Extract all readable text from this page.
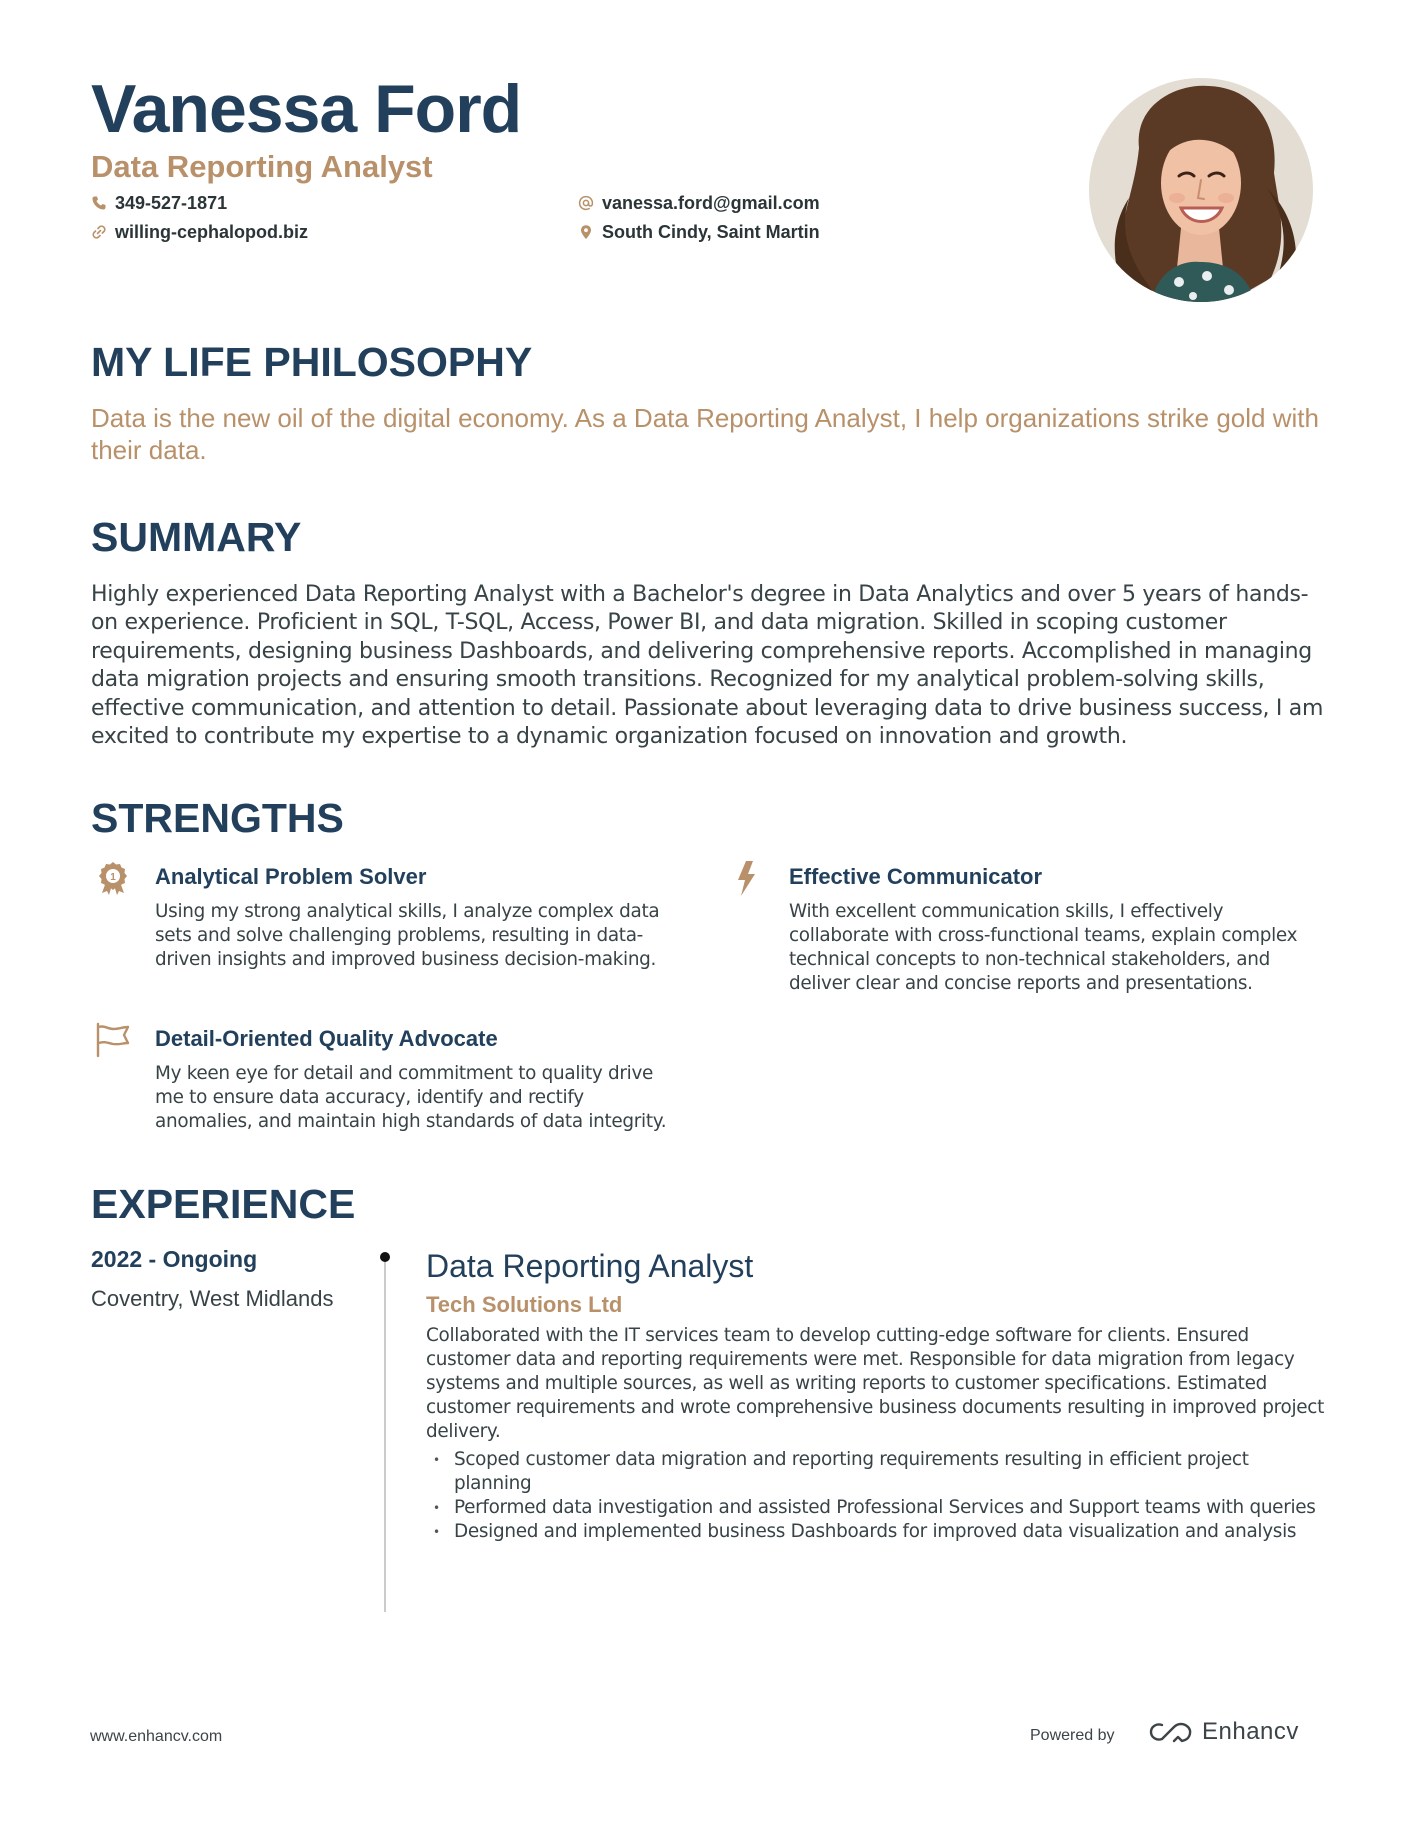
Vanessa Ford
Data Reporting Analyst
349-527-1871
willing-cephalopod.biz
vanessa.ford@gmail.com
South Cindy, Saint Martin
MY LIFE PHILOSOPHY
Data is the new oil of the digital economy. As a Data Reporting Analyst, I help organizations strike gold with their data.
SUMMARY
Highly experienced Data Reporting Analyst with a Bachelor's degree in Data Analytics and over 5 years of hands-on experience. Proficient in SQL, T-SQL, Access, Power BI, and data migration. Skilled in scoping customer requirements, designing business Dashboards, and delivering comprehensive reports. Accomplished in managing data migration projects and ensuring smooth transitions. Recognized for my analytical problem-solving skills, effective communication, and attention to detail. Passionate about leveraging data to drive business success, I am excited to contribute my expertise to a dynamic organization focused on innovation and growth.
STRENGTHS
1 Analytical Problem Solver
Using my strong analytical skills, I analyze complex data sets and solve challenging problems, resulting in data-driven insights and improved business decision-making.
Effective Communicator
With excellent communication skills, I effectively collaborate with cross-functional teams, explain complex technical concepts to non-technical stakeholders, and deliver clear and concise reports and presentations.
Detail-Oriented Quality Advocate
My keen eye for detail and commitment to quality drive me to ensure data accuracy, identify and rectify anomalies, and maintain high standards of data integrity.
EXPERIENCE
2022 - Ongoing
Coventry, West Midlands
Data Reporting Analyst
Tech Solutions Ltd
Collaborated with the IT services team to develop cutting-edge software for clients. Ensured customer data and reporting requirements were met. Responsible for data migration from legacy systems and multiple sources, as well as writing reports to customer specifications. Estimated customer requirements and wrote comprehensive business documents resulting in improved project delivery.
• Scoped customer data migration and reporting requirements resulting in efficient project planning
• Performed data investigation and assisted Professional Services and Support teams with queries
• Designed and implemented business Dashboards for improved data visualization and analysis
www.enhancv.com	Powered by	Enhancv
